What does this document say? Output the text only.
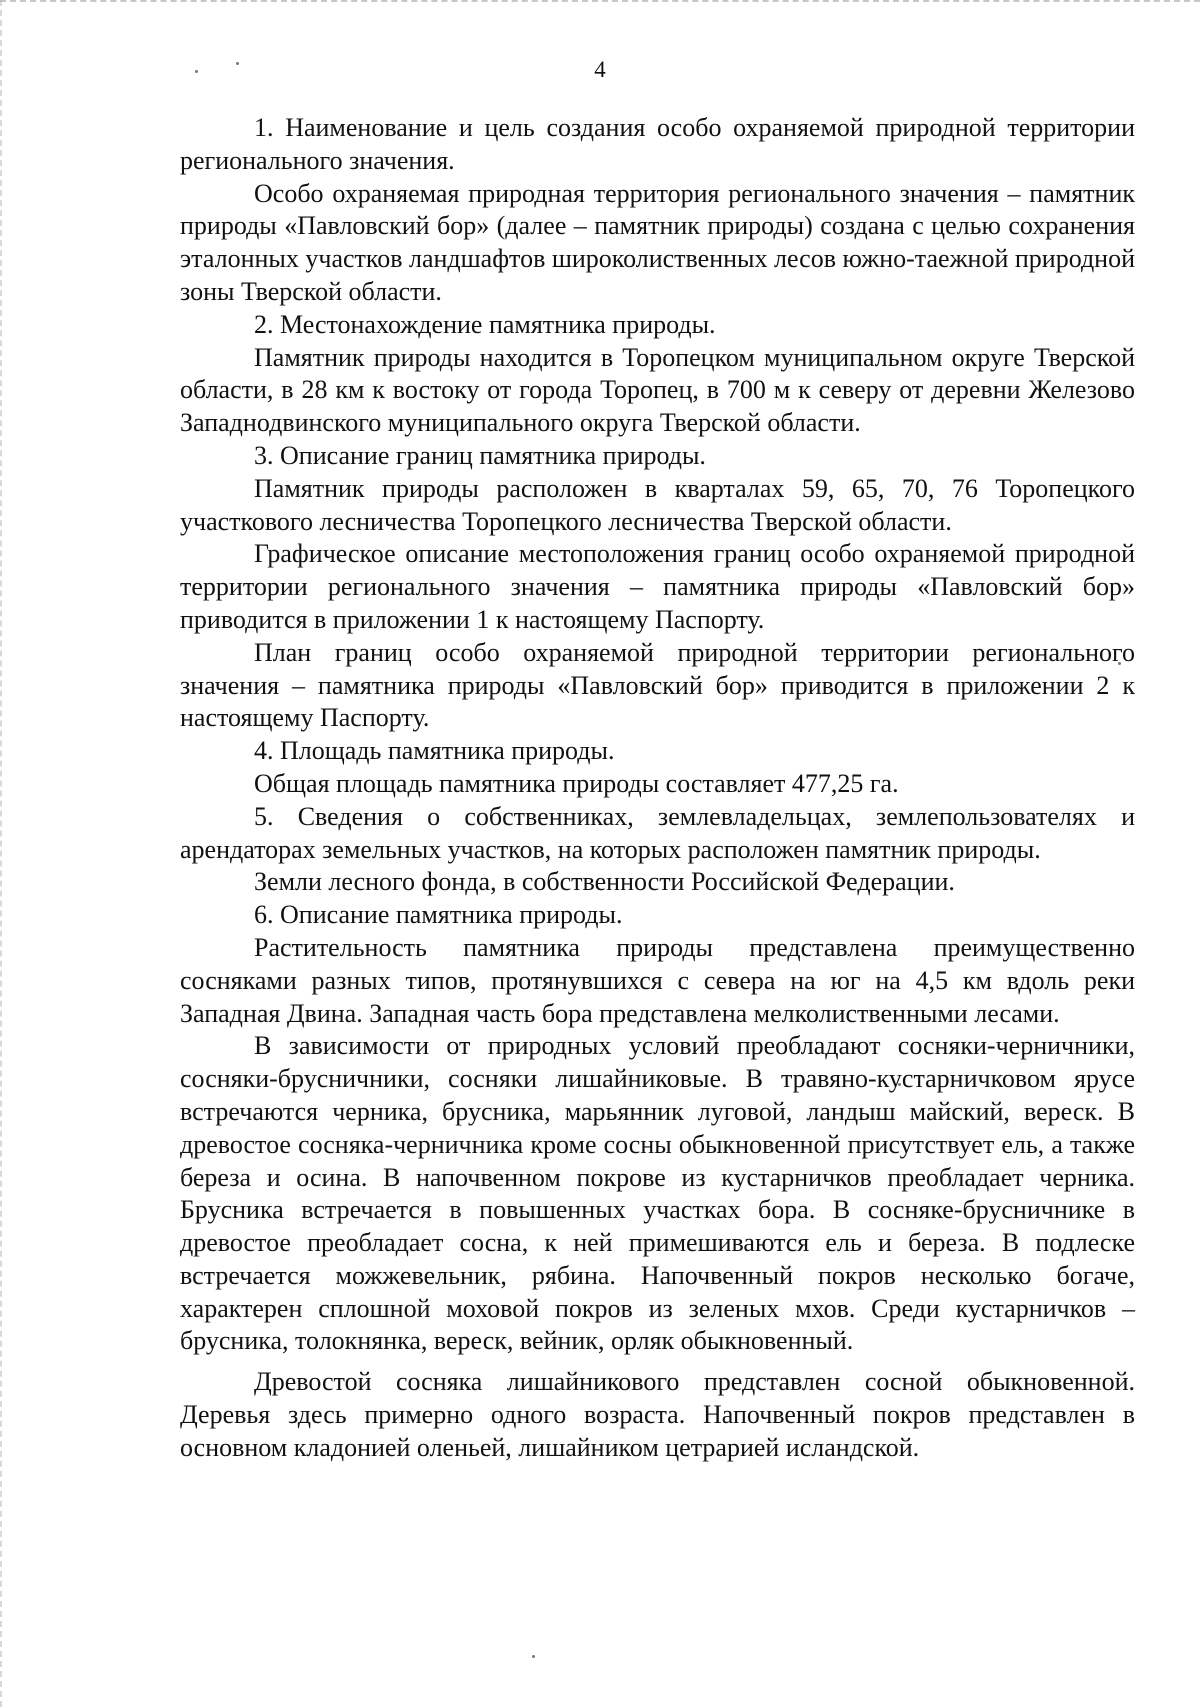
4

1. Наименование и цель создания особо охраняемой природной территории регионального значения.

Особо охраняемая природная территория регионального значения – памятник природы «Павловский бор» (далее – памятник природы) создана с целью сохранения эталонных участков ландшафтов широколиственных лесов южно-таежной природной зоны Тверской области.

2. Местонахождение памятника природы.

Памятник природы находится в Торопецком муниципальном округе Тверской области, в 28 км к востоку от города Торопец, в 700 м к северу от деревни Железово Западнодвинского муниципального округа Тверской области.

3. Описание границ памятника природы.

Памятник природы расположен в кварталах 59, 65, 70, 76 Торопецкого участкового лесничества Торопецкого лесничества Тверской области.

Графическое описание местоположения границ особо охраняемой природной территории регионального значения – памятника природы «Павловский бор» приводится в приложении 1 к настоящему Паспорту.

План границ особо охраняемой природной территории регионального значения – памятника природы «Павловский бор» приводится в приложении 2 к настоящему Паспорту.

4. Площадь памятника природы.

Общая площадь памятника природы составляет 477,25 га.

5. Сведения о собственниках, землевладельцах, землепользователях и арендаторах земельных участков, на которых расположен памятник природы.

Земли лесного фонда, в собственности Российской Федерации.

6. Описание памятника природы.

Растительность памятника природы представлена преимущественно сосняками разных типов, протянувшихся с севера на юг на 4,5 км вдоль реки Западная Двина. Западная часть бора представлена мелколиственными лесами.

В зависимости от природных условий преобладают сосняки-черничники, сосняки-брусничники, сосняки лишайниковые. В травяно-кустарничковом ярусе встречаются черника, брусника, марьянник луговой, ландыш майский, вереск. В древостое сосняка-черничника кроме сосны обыкновенной присутствует ель, а также береза и осина. В напочвенном покрове из кустарничков преобладает черника. Брусника встречается в повышенных участках бора. В сосняке-брусничнике в древостое преобладает сосна, к ней примешиваются ель и береза. В подлеске встречается можжевельник, рябина. Напочвенный покров несколько богаче, характерен сплошной моховой покров из зеленых мхов. Среди кустарничков – брусника, толокнянка, вереск, вейник, орляк обыкновенный.

Древостой сосняка лишайникового представлен сосной обыкновенной. Деревья здесь примерно одного возраста. Напочвенный покров представлен в основном кладонией оленьей, лишайником цетрарией исландской.
